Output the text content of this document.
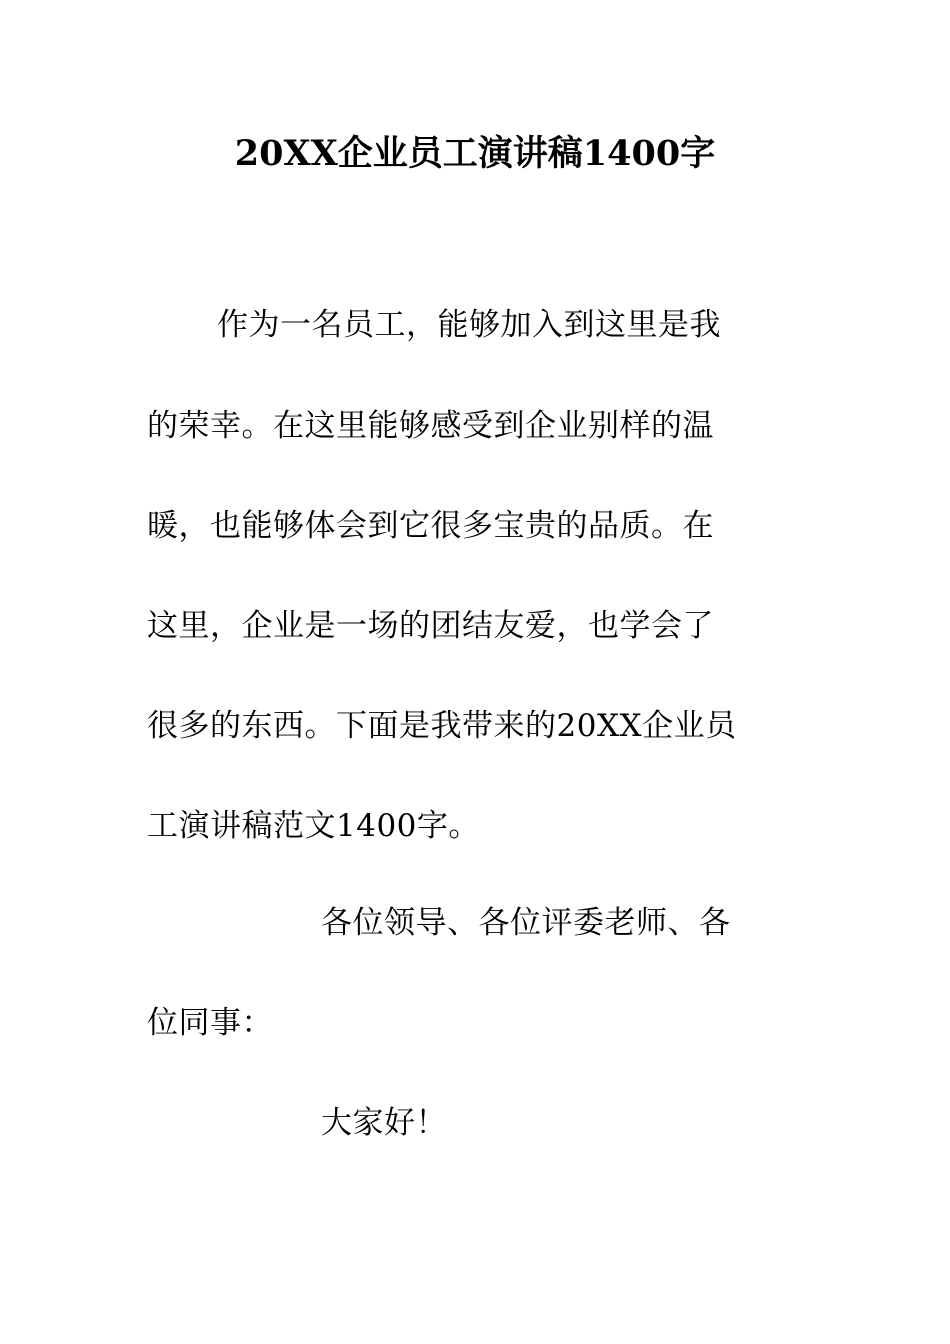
20XX企业员工演讲稿1400字
作为一名员工，能够加入到这里是我
的荣幸。在这里能够感受到企业别样的温
暖，也能够体会到它很多宝贵的品质。在
这里，企业是一场的团结友爱，也学会了
很多的东西。下面是我带来的20XX企业员
工演讲稿范文1400字。
各位领导、各位评委老师、各
位同事：
大家好！
